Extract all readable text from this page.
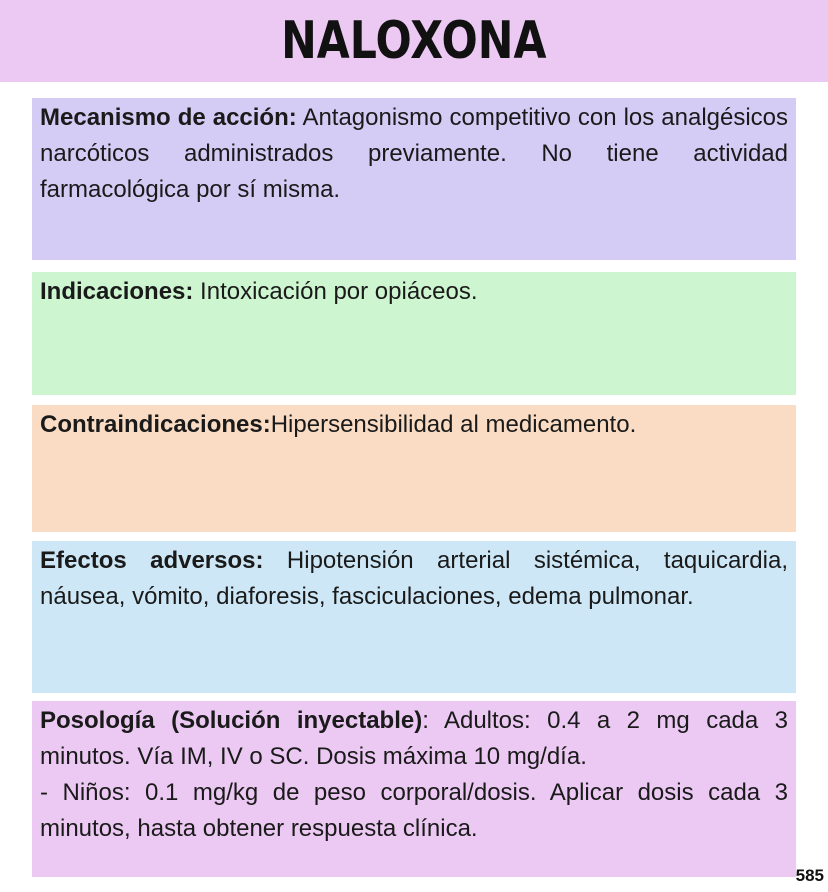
NALOXONA
Mecanismo de acción: Antagonismo competitivo con los analgésicos narcóticos administrados previamente. No tiene actividad farmacológica por sí misma.
Indicaciones: Intoxicación por opiáceos.
Contraindicaciones:Hipersensibilidad al medicamento.
Efectos adversos: Hipotensión arterial sistémica, taquicardia, náusea, vómito, diaforesis, fasciculaciones, edema pulmonar.

Posología (Solución inyectable): Adultos: 0.4 a 2 mg cada 3 minutos. Vía IM, IV o SC. Dosis máxima 10 mg/día.

- Niños: 0.1 mg/kg de peso corporal/dosis. Aplicar dosis cada 3 minutos, hasta obtener respuesta clínica.

585
